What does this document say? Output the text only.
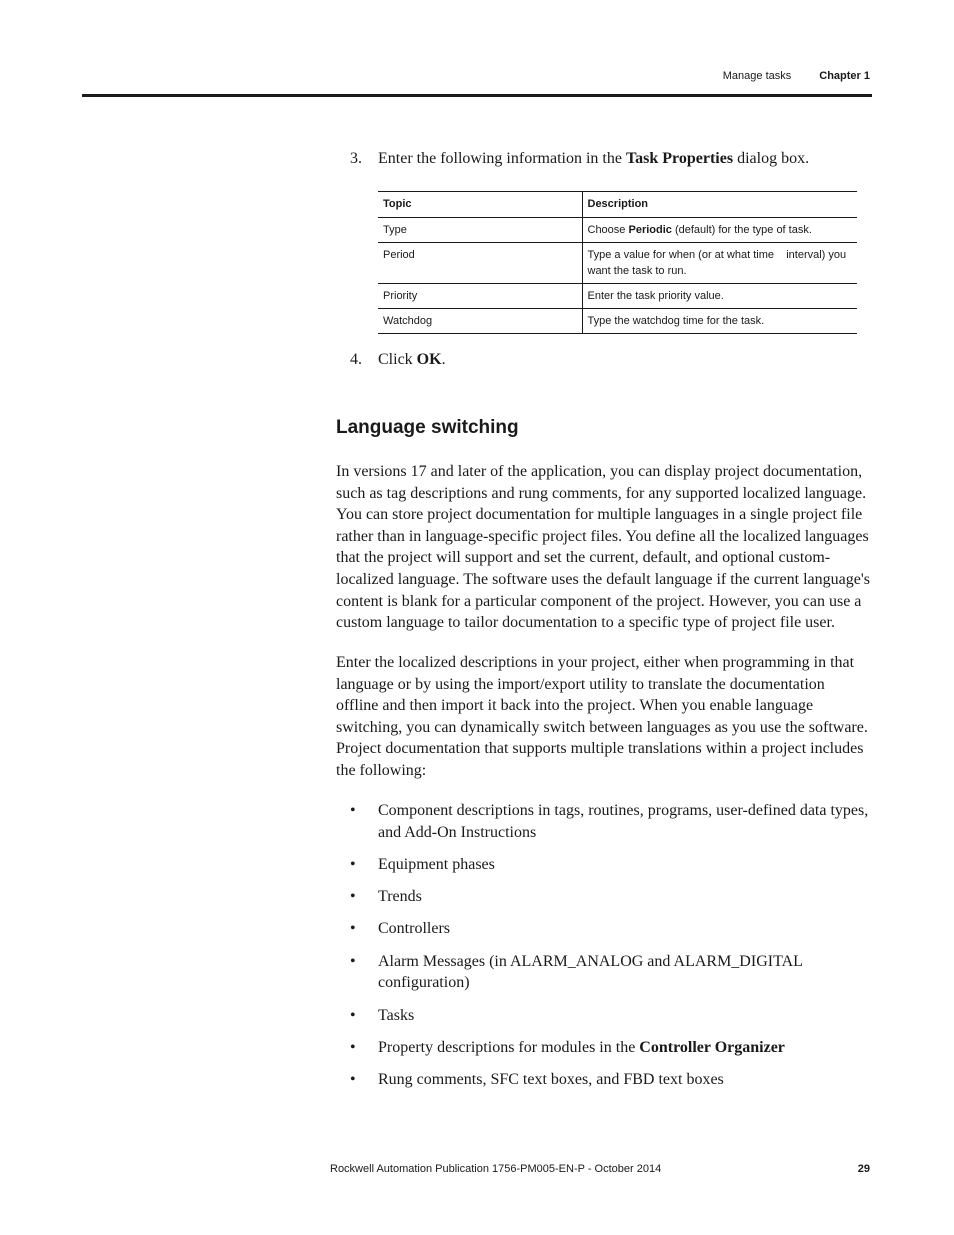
Manage tasks	Chapter 1
3. Enter the following information in the Task Properties dialog box.
Topic	Description
Type	Choose Periodic (default) for the type of task.
Period	Type a value for when (or at what time    interval) you want the task to run.
Priority	Enter the task priority value.
Watchdog	Type the watchdog time for the task.
4. Click OK.
Language switching

In versions 17 and later of the application, you can display project documentation, such as tag descriptions and rung comments, for any supported localized language. You can store project documentation for multiple languages in a single project file rather than in language-specific project files. You define all the localized languages that the project will support and set the current, default, and optional custom-localized language. The software uses the default language if the current language's content is blank for a particular component of the project. However, you can use a custom language to tailor documentation to a specific type of project file user.

Enter the localized descriptions in your project, either when programming in that language or by using the import/export utility to translate the documentation offline and then import it back into the project. When you enable language switching, you can dynamically switch between languages as you use the software. Project documentation that supports multiple translations within a project includes the following:

• Component descriptions in tags, routines, programs, user-defined data types, and Add-On Instructions
• Equipment phases
• Trends
• Controllers
• Alarm Messages (in ALARM_ANALOG and ALARM_DIGITAL configuration)
• Tasks
• Property descriptions for modules in the Controller Organizer
• Rung comments, SFC text boxes, and FBD text boxes
Rockwell Automation Publication 1756-PM005-EN-P - October 2014	29
